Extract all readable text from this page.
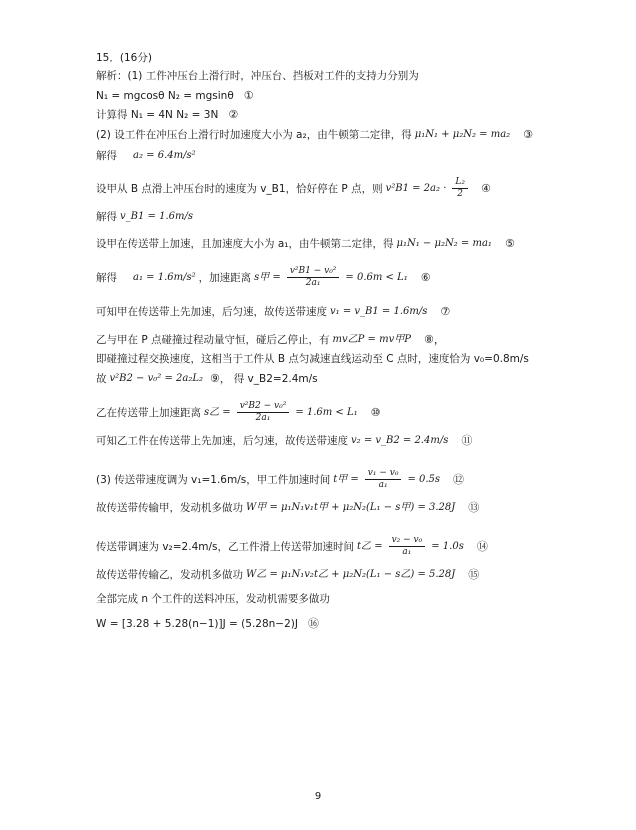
15．(16分)
解析：(1) 工件冲压台上滑行时，冲压台、挡板对工件的支持力分别为
N₁ = mgcosθ N₂ = mgsinθ ①
计算得 N₁ = 4N N₂ = 3N ②
(2) 设工件在冲压台上滑行时加速度大小为 a₂，由牛顿第二定律，得 μ₁N₁ + μ₂N₂ = ma₂ ③
解得 a₂ = 6.4m/s²
设甲从 B 点滑上冲压台时的速度为 v_B1，恰好停在 P 点，则 $v^2B1 = 2a_2 \cdot \frac{\text{L₂}}{2}$ ④
解得 v_B1 = 1.6m/s
设甲在传送带上加速，且加速度大小为 a₁，由牛顿第二定律，得 μ₁N₁ − μ₂N₂ = ma₁ ⑤
解得 a₁ = 1.6m/s² ，加速距离 s甲 = $\frac{\text{v²B1 − v₀²}}{\text{2a₁}} = 0.6m < L_1$ ⑥
可知甲在传送带上先加速，后匀速，故传送带速度 v₁ = v_B1 = 1.6m/s ⑦
乙与甲在 P 点碰撞过程动量守恒，碰后乙停止，有 mv乙P = mv甲P ⑧，
即碰撞过程交换速度，这相当于工件从 B 点匀减速直线运动至 C 点时，速度恰为 v₀=0.8m/s
故 v²B2 − v₀² = 2a₂L₂ ⑨ ， 得 v_B2=2.4m/s
乙在传送带上加速距离 s乙 = $\frac{\text{v²B2 − v₀²}}{\text{2a₁}} = 1.6m < L_1$ ⑩
可知乙工件在传送带上先加速，后匀速，故传送带速度 v₂ = v_B2 = 2.4m/s ⑪
(3) 传送带速度调为 v₁=1.6m/s，甲工件加速时间 t甲 = $\frac{\text{v₁ − v₀}}{\text{a₁}} = 0.5s$ ⑫
故传送带传输甲，发动机多做功 W甲 = μ₁N₁v₁t甲 + μ₂N₂(L₁ − s甲) = 3.28J ⑬
传送带调速为 v₂=2.4m/s，乙工件滑上传送带加速时间 t乙 = $\frac{\text{v₂ − v₀}}{\text{a₁}} = 1.0s$ ⑭
故传送带传输乙，发动机多做功 W乙 = μ₁N₁v₂t乙 + μ₂N₂(L₁ − s乙) = 5.28J ⑮
全部完成 n 个工件的送料冲压，发动机需要多做功
W = [3.28 + 5.28(n−1)]J = (5.28n−2)J ⑯
9
